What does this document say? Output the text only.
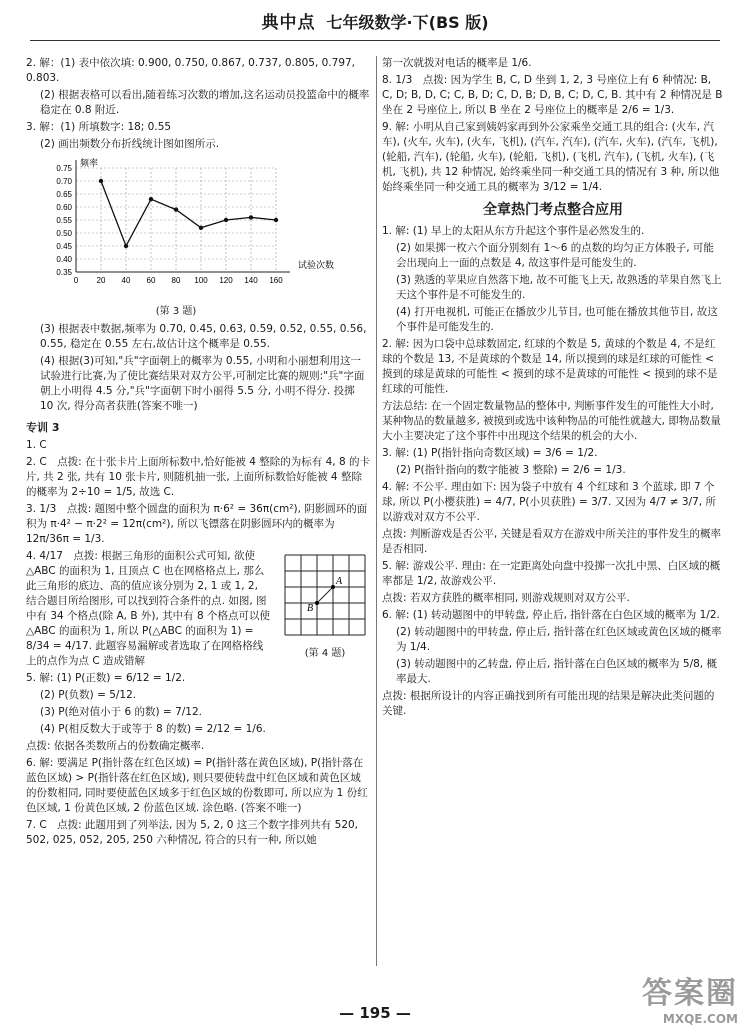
典中点 七年级数学·下(BS 版)

2. 解：(1) 表中依次填: 0.900, 0.750, 0.867, 0.737, 0.805, 0.797, 0.803.

(2) 根据表格可以看出,随着练习次数的增加,这名运动员投篮命中的概率稳定在 0.8 附近.

3. 解：(1) 所填数字: 18; 0.55

(2) 画出频数分布折线统计图如图所示.

0.35
0.40
0.45
0.50
0.55
0.60
0.65
0.70
0.75
0 20 40 60 80 100 120 140 160
频率
试验次数

(第 3 题)

(3) 根据表中数据,频率为 0.70, 0.45, 0.63, 0.59, 0.52, 0.55, 0.56, 0.55, 稳定在 0.55 左右,故估计这个概率是 0.55.

(4) 根据(3)可知,"兵"字面朝上的概率为 0.55, 小明和小丽想利用这一试验进行比赛,为了使比赛结果对双方公平,可制定比赛的规则:"兵"字面朝上小明得 4.5 分,"兵"字面朝下时小丽得 5.5 分, 小明不得分. 投掷 10 次, 得分高者获胜(答案不唯一)

专训 3

1. C

2. C　点拨: 在十张卡片上面所标数中,恰好能被 4 整除的为标有 4, 8 的卡片, 共 2 张, 共有 10 张卡片, 则随机抽一张, 上面所标数恰好能被 4 整除的概率为 2÷10 = 1/5, 故选 C.

3. 1/3　点拨: 题图中整个圆盘的面积为 π·6² = 36π(cm²), 阴影圆环的面积为 π·4² − π·2² = 12π(cm²), 所以飞镖落在阴影圆环内的概率为 12π/36π = 1/3.

A
B
(第 4 题)

4. 4/17　点拨: 根据三角形的面积公式可知, 欲使 △ABC 的面积为 1, 且顶点 C 也在网格格点上, 那么此三角形的底边、高的值应该分别为 2, 1 或 1, 2, 结合题目所给图形, 可以找到符合条件的点. 如图, 图中有 34 个格点(除 A, B 外), 其中有 8 个格点可以使 △ABC 的面积为 1, 所以 P(△ABC 的面积为 1) = 8/34 = 4/17. 此题容易漏解或者选取了在网格格线上的点作为点 C 造成错解

5. 解: (1) P(正数) = 6/12 = 1/2.

(2) P(负数) = 5/12.

(3) P(绝对值小于 6 的数) = 7/12.

(4) P(相反数大于或等于 8 的数) = 2/12 = 1/6.

点拨: 依据各类数所占的份数确定概率.

6. 解: 要满足 P(指针落在红色区域) = P(指针落在黄色区域), P(指针落在蓝色区域) > P(指针落在红色区域), 则只要使转盘中红色区域和黄色区域的份数相同, 同时要使蓝色区域多于红色区域的份数即可, 所以应为 1 份红色区域, 1 份黄色区域, 2 份蓝色区域. 涂色略. (答案不唯一)

7. C　点拨: 此题用到了列举法, 因为 5, 2, 0 这三个数字排列共有 520, 502, 025, 052, 205, 250 六种情况, 符合的只有一种, 所以她

第一次就拨对电话的概率是 1/6.

8. 1/3　点拨: 因为学生 B, C, D 坐到 1, 2, 3 号座位上有 6 种情况: B, C, D; B, D, C; C, B, D; C, D, B; D, B, C; D, C, B. 其中有 2 种情况是 B 坐在 2 号座位上, 所以 B 坐在 2 号座位上的概率是 2/6 = 1/3.

9. 解: 小明从自己家到姨妈家再到外公家乘坐交通工具的组合: (火车, 汽车), (火车, 火车), (火车, 飞机), (汽车, 汽车), (汽车, 火车), (汽车, 飞机), (轮船, 汽车), (轮船, 火车), (轮船, 飞机), (飞机, 汽车), (飞机, 火车), (飞机, 飞机), 共 12 种情况, 始终乘坐同一种交通工具的情况有 3 种, 所以他始终乘坐同一种交通工具的概率为 3/12 = 1/4.

全章热门考点整合应用

1. 解: (1) 早上的太阳从东方升起这个事件是必然发生的.

(2) 如果掷一枚六个面分别刻有 1～6 的点数的均匀正方体骰子, 可能会出现向上一面的点数是 4, 故这事件是可能发生的.

(3) 熟透的苹果应自然落下地, 故不可能飞上天, 故熟透的苹果自然飞上天这个事件是不可能发生的.

(4) 打开电视机, 可能正在播放少儿节目, 也可能在播放其他节目, 故这个事件是可能发生的.

2. 解: 因为口袋中总球数固定, 红球的个数是 5, 黄球的个数是 4, 不是红球的个数是 13, 不是黄球的个数是 14, 所以摸到的球是红球的可能性 < 摸到的球是黄球的可能性 < 摸到的球不是黄球的可能性 < 摸到的球不是红球的可能性.

方法总结: 在一个固定数量物品的整体中, 判断事件发生的可能性大小时, 某种物品的数量越多, 被摸到或选中该种物品的可能性就越大, 即物品数量大小主要决定了这个事件中出现这个结果的机会的大小.

3. 解: (1) P(指针指向奇数区域) = 3/6 = 1/2.

(2) P(指针指向的数字能被 3 整除) = 2/6 = 1/3.

4. 解: 不公平. 理由如下: 因为袋子中放有 4 个红球和 3 个蓝球, 即 7 个球, 所以 P(小樱获胜) = 4/7, P(小贝获胜) = 3/7. 又因为 4/7 ≠ 3/7, 所以游戏对双方不公平.

点拨: 判断游戏是否公平, 关键是看双方在游戏中所关注的事件发生的概率是否相同.

5. 解: 游戏公平. 理由: 在一定距离处向盘中投掷一次扎中黑、白区域的概率都是 1/2, 故游戏公平.

点拨: 若双方获胜的概率相同, 则游戏规则对双方公平.

6. 解: (1) 转动题图中的甲转盘, 停止后, 指针落在白色区域的概率为 1/2.

(2) 转动题图中的甲转盘, 停止后, 指针落在红色区域或黄色区域的概率为 1/4.

(3) 转动题图中的乙转盘, 停止后, 指针落在白色区域的概率为 5/8, 概率最大.

点拨: 根据所设计的内容正确找到所有可能出现的结果是解决此类问题的关键.

— 195 —
答案圈
MXQE.COM
